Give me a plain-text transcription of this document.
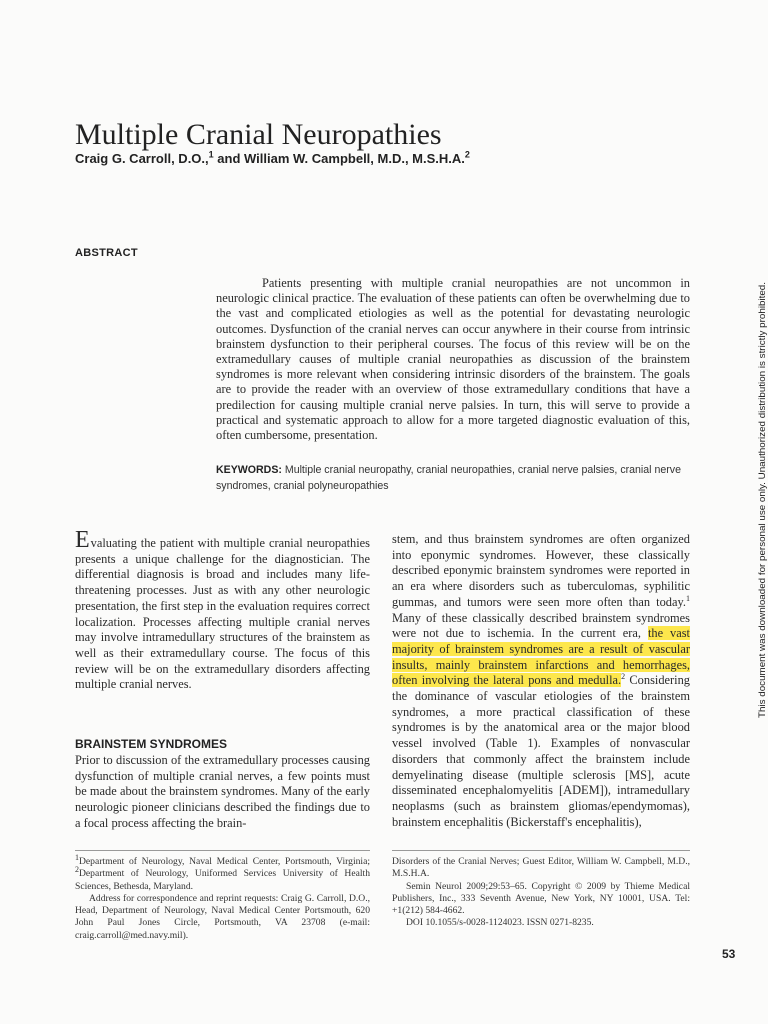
Multiple Cranial Neuropathies
Craig G. Carroll, D.O.,$^1$ and William W. Campbell, M.D., M.S.H.A.$^2$
ABSTRACT
Patients presenting with multiple cranial neuropathies are not uncommon in neurologic clinical practice. The evaluation of these patients can often be overwhelming due to the vast and complicated etiologies as well as the potential for devastating neurologic outcomes. Dysfunction of the cranial nerves can occur anywhere in their course from intrinsic brainstem dysfunction to their peripheral courses. The focus of this review will be on the extramedullary causes of multiple cranial neuropathies as discussion of the brainstem syndromes is more relevant when considering intrinsic disorders of the brainstem. The goals are to provide the reader with an overview of those extramedullary conditions that have a predilection for causing multiple cranial nerve palsies. In turn, this will serve to provide a practical and systematic approach to allow for a more targeted diagnostic evaluation of this, often cumbersome, presentation.
KEYWORDS: Multiple cranial neuropathy, cranial neuropathies, cranial nerve palsies, cranial nerve syndromes, cranial polyneuropathies
Evaluating the patient with multiple cranial neuropathies presents a unique challenge for the diagnostician. The differential diagnosis is broad and includes many life-threatening processes. Just as with any other neurologic presentation, the first step in the evaluation requires correct localization. Processes affecting multiple cranial nerves may involve intramedullary structures of the brainstem as well as their extramedullary course. The focus of this review will be on the extramedullary disorders affecting multiple cranial nerves.
BRAINSTEM SYNDROMES
Prior to discussion of the extramedullary processes causing dysfunction of multiple cranial nerves, a few points must be made about the brainstem syndromes. Many of the early neurologic pioneer clinicians described the findings due to a focal process affecting the brain-
stem, and thus brainstem syndromes are often organized into eponymic syndromes. However, these classically described eponymic brainstem syndromes were reported in an era where disorders such as tuberculomas, syphilitic gummas, and tumors were seen more often than today.$^1$ Many of these classically described brainstem syndromes were not due to ischemia. In the current era, the vast majority of brainstem syndromes are a result of vascular insults, mainly brainstem infarctions and hemorrhages, often involving the lateral pons and medulla.$^2$ Considering the dominance of vascular etiologies of the brainstem syndromes, a more practical classification of these syndromes is by the anatomical area or the major blood vessel involved (Table 1). Examples of nonvascular disorders that commonly affect the brainstem include demyelinating disease (multiple sclerosis [MS], acute disseminated encephalomyelitis [ADEM]), intramedullary neoplasms (such as brainstem gliomas/ependymomas), brainstem encephalitis (Bickerstaff's encephalitis),

$^1$Department of Neurology, Naval Medical Center, Portsmouth, Virginia; $^2$Department of Neurology, Uniformed Services University of Health Sciences, Bethesda, Maryland.

Address for correspondence and reprint requests: Craig G. Carroll, D.O., Head, Department of Neurology, Naval Medical Center Portsmouth, 620 John Paul Jones Circle, Portsmouth, VA 23708 (e-mail: craig.carroll@med.navy.mil).

Disorders of the Cranial Nerves; Guest Editor, William W. Campbell, M.D., M.S.H.A.

Semin Neurol 2009;29:53–65. Copyright © 2009 by Thieme Medical Publishers, Inc., 333 Seventh Avenue, New York, NY 10001, USA. Tel: +1(212) 584-4662.

DOI 10.1055/s-0028-1124023. ISSN 0271-8235.

53
This document was downloaded for personal use only. Unauthorized distribution is strictly prohibited.
